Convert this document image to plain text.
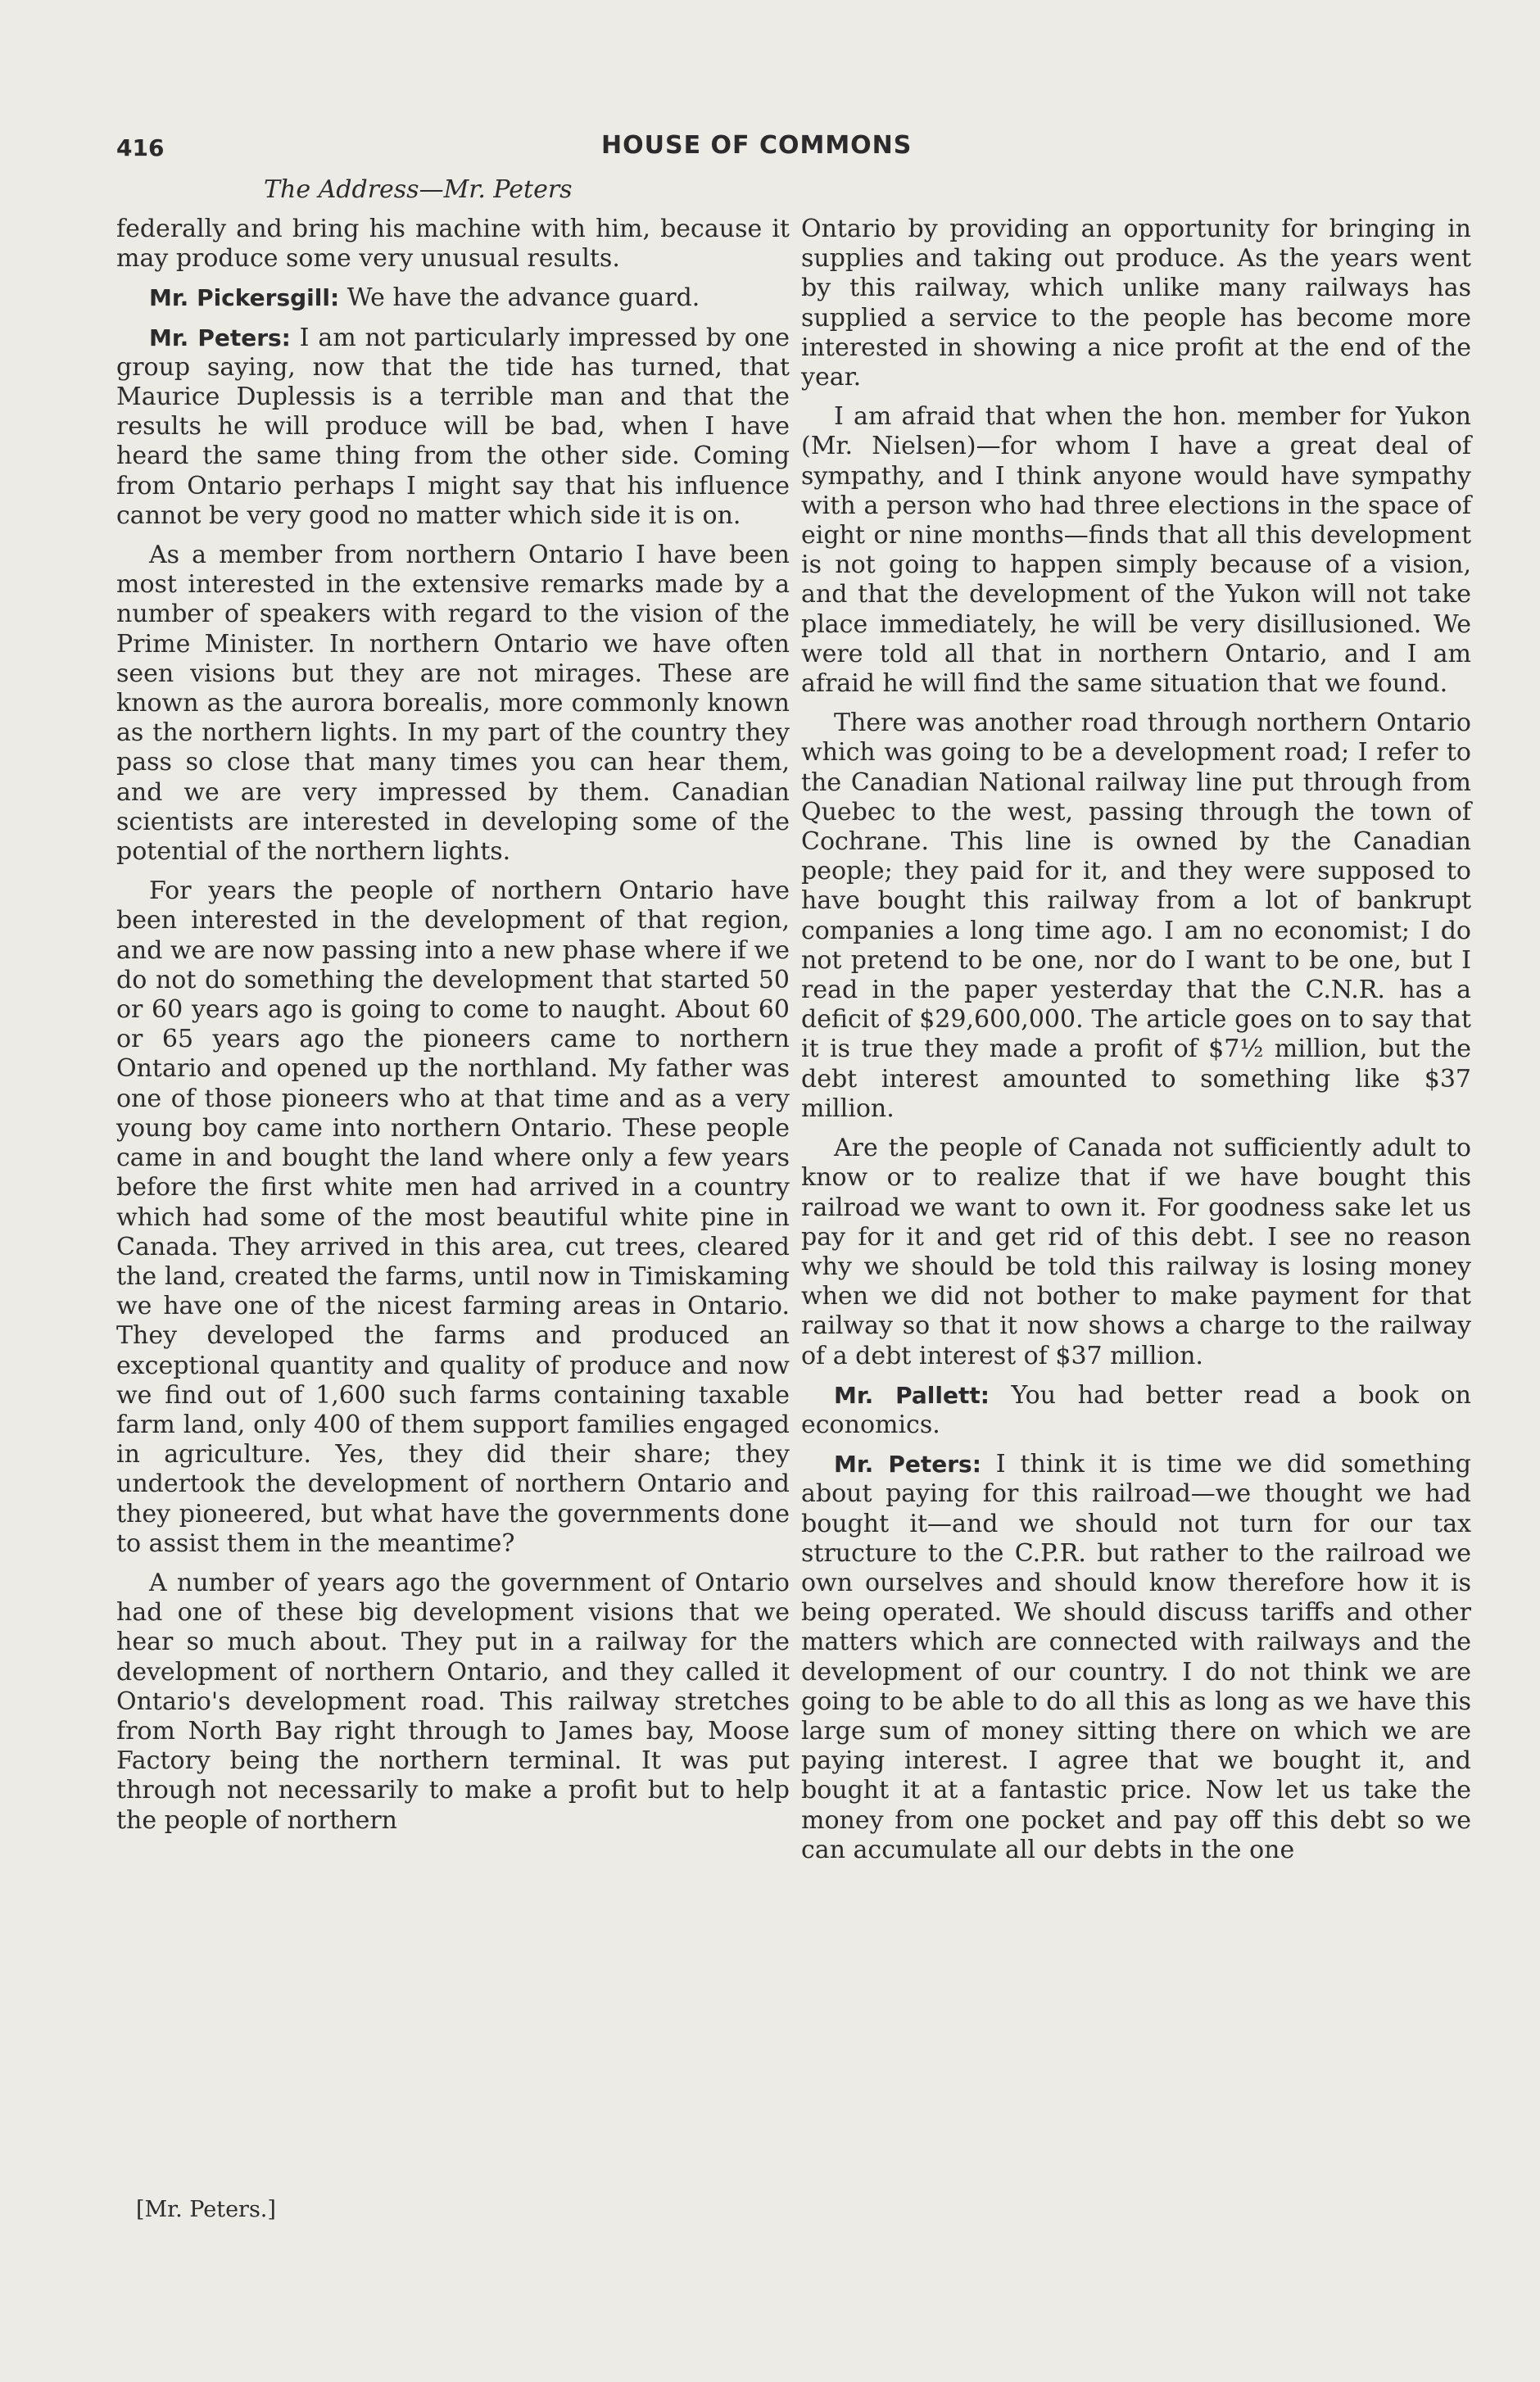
416	HOUSE OF COMMONS
The Address—Mr. Peters

federally and bring his machine with him, because it may produce some very unusual results.

Mr. Pickersgill: We have the advance guard.

Mr. Peters: I am not particularly impressed by one group saying, now that the tide has turned, that Maurice Duplessis is a terrible man and that the results he will produce will be bad, when I have heard the same thing from the other side. Coming from Ontario perhaps I might say that his influence cannot be very good no matter which side it is on.

As a member from northern Ontario I have been most interested in the extensive remarks made by a number of speakers with regard to the vision of the Prime Minister. In northern Ontario we have often seen visions but they are not mirages. These are known as the aurora borealis, more commonly known as the northern lights. In my part of the country they pass so close that many times you can hear them, and we are very impressed by them. Canadian scientists are interested in developing some of the potential of the northern lights.

For years the people of northern Ontario have been interested in the development of that region, and we are now passing into a new phase where if we do not do something the development that started 50 or 60 years ago is going to come to naught. About 60 or 65 years ago the pioneers came to northern Ontario and opened up the northland. My father was one of those pioneers who at that time and as a very young boy came into northern Ontario. These people came in and bought the land where only a few years before the first white men had arrived in a country which had some of the most beautiful white pine in Canada. They arrived in this area, cut trees, cleared the land, created the farms, until now in Timiskaming we have one of the nicest farming areas in Ontario. They developed the farms and produced an exceptional quantity and quality of produce and now we find out of 1,600 such farms containing taxable farm land, only 400 of them support families engaged in agriculture. Yes, they did their share; they undertook the development of northern Ontario and they pioneered, but what have the governments done to assist them in the meantime?

A number of years ago the government of Ontario had one of these big development visions that we hear so much about. They put in a railway for the development of northern Ontario, and they called it Ontario's development road. This railway stretches from North Bay right through to James bay, Moose Factory being the northern terminal. It was put through not necessarily to make a profit but to help the people of northern

Ontario by providing an opportunity for bringing in supplies and taking out produce. As the years went by this railway, which unlike many railways has supplied a service to the people has become more interested in showing a nice profit at the end of the year.

I am afraid that when the hon. member for Yukon (Mr. Nielsen)—for whom I have a great deal of sympathy, and I think anyone would have sympathy with a person who had three elections in the space of eight or nine months—finds that all this development is not going to happen simply because of a vision, and that the development of the Yukon will not take place immediately, he will be very disillusioned. We were told all that in northern Ontario, and I am afraid he will find the same situation that we found.

There was another road through northern Ontario which was going to be a development road; I refer to the Canadian National railway line put through from Quebec to the west, passing through the town of Cochrane. This line is owned by the Canadian people; they paid for it, and they were supposed to have bought this railway from a lot of bankrupt companies a long time ago. I am no economist; I do not pretend to be one, nor do I want to be one, but I read in the paper yesterday that the C.N.R. has a deficit of $29,600,000. The article goes on to say that it is true they made a profit of $7½ million, but the debt interest amounted to something like $37 million.

Are the people of Canada not sufficiently adult to know or to realize that if we have bought this railroad we want to own it. For goodness sake let us pay for it and get rid of this debt. I see no reason why we should be told this railway is losing money when we did not bother to make payment for that railway so that it now shows a charge to the railway of a debt interest of $37 million.

Mr. Pallett: You had better read a book on economics.

Mr. Peters: I think it is time we did something about paying for this railroad—we thought we had bought it—and we should not turn for our tax structure to the C.P.R. but rather to the railroad we own ourselves and should know therefore how it is being operated. We should discuss tariffs and other matters which are connected with railways and the development of our country. I do not think we are going to be able to do all this as long as we have this large sum of money sitting there on which we are paying interest. I agree that we bought it, and bought it at a fantastic price. Now let us take the money from one pocket and pay off this debt so we can accumulate all our debts in the one

[Mr. Peters.]
